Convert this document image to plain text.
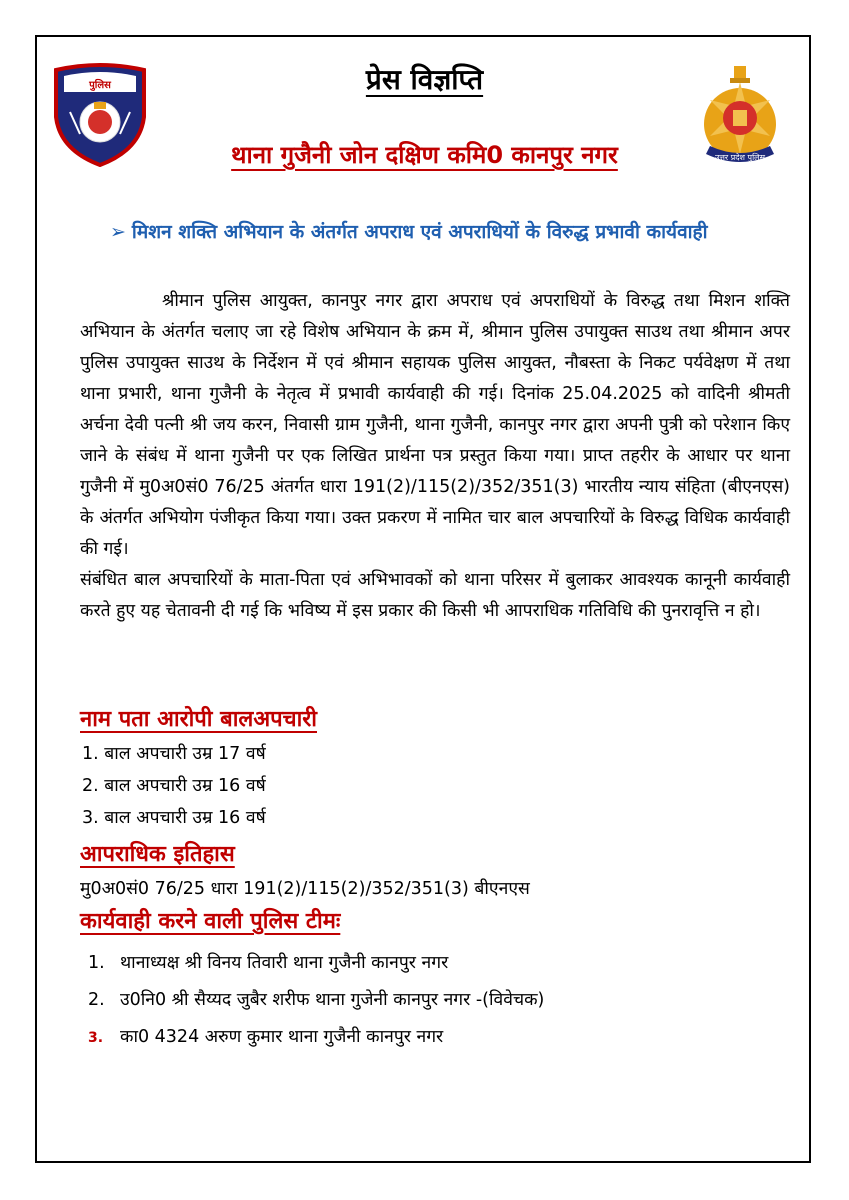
पुलिस
उत्तर प्रदेश पुलिस
प्रेस विज्ञप्ति
थाना गुजैनी जोन दक्षिण कमि0 कानपुर नगर
➢ मिशन शक्ति अभियान के अंतर्गत अपराध एवं अपराधियों के विरुद्ध प्रभावी कार्यवाही

श्रीमान पुलिस आयुक्त, कानपुर नगर द्वारा अपराध एवं अपराधियों के विरुद्ध तथा मिशन शक्ति अभियान के अंतर्गत चलाए जा रहे विशेष अभियान के क्रम में, श्रीमान पुलिस उपायुक्त साउथ तथा श्रीमान अपर पुलिस उपायुक्त साउथ के निर्देशन में एवं श्रीमान सहायक पुलिस आयुक्त, नौबस्ता के निकट पर्यवेक्षण में तथा थाना प्रभारी, थाना गुजैनी के नेतृत्व में प्रभावी कार्यवाही की गई। दिनांक 25.04.2025 को वादिनी श्रीमती अर्चना देवी पत्नी श्री जय करन, निवासी ग्राम गुजैनी, थाना गुजैनी, कानपुर नगर द्वारा अपनी पुत्री को परेशान किए जाने के संबंध में थाना गुजैनी पर एक लिखित प्रार्थना पत्र प्रस्तुत किया गया। प्राप्त तहरीर के आधार पर थाना गुजैनी में मु0अ0सं0 76/25 अंतर्गत धारा 191(2)/115(2)/352/351(3) भारतीय न्याय संहिता (बीएनएस) के अंतर्गत अभियोग पंजीकृत किया गया। उक्त प्रकरण में नामित चार बाल अपचारियों के विरुद्ध विधिक कार्यवाही की गई।

संबंधित बाल अपचारियों के माता-पिता एवं अभिभावकों को थाना परिसर में बुलाकर आवश्यक कानूनी कार्यवाही करते हुए यह चेतावनी दी गई कि भविष्य में इस प्रकार की किसी भी आपराधिक गतिविधि की पुनरावृत्ति न हो।

नाम पता आरोपी बालअपचारी
1. बाल अपचारी उम्र 17 वर्ष
2. बाल अपचारी उम्र 16 वर्ष
3. बाल अपचारी उम्र 16 वर्ष
आपराधिक इतिहास
मु0अ0सं0 76/25 धारा 191(2)/115(2)/352/351(3) बीएनएस
कार्यवाही करने वाली पुलिस टीमः
1. थानाध्यक्ष श्री विनय तिवारी थाना गुजैनी कानपुर नगर
2. उ0नि0 श्री सैय्यद जुबैर शरीफ थाना गुजेनी कानपुर नगर -(विवेचक)
3. का0 4324 अरुण कुमार थाना गुजैनी कानपुर नगर
